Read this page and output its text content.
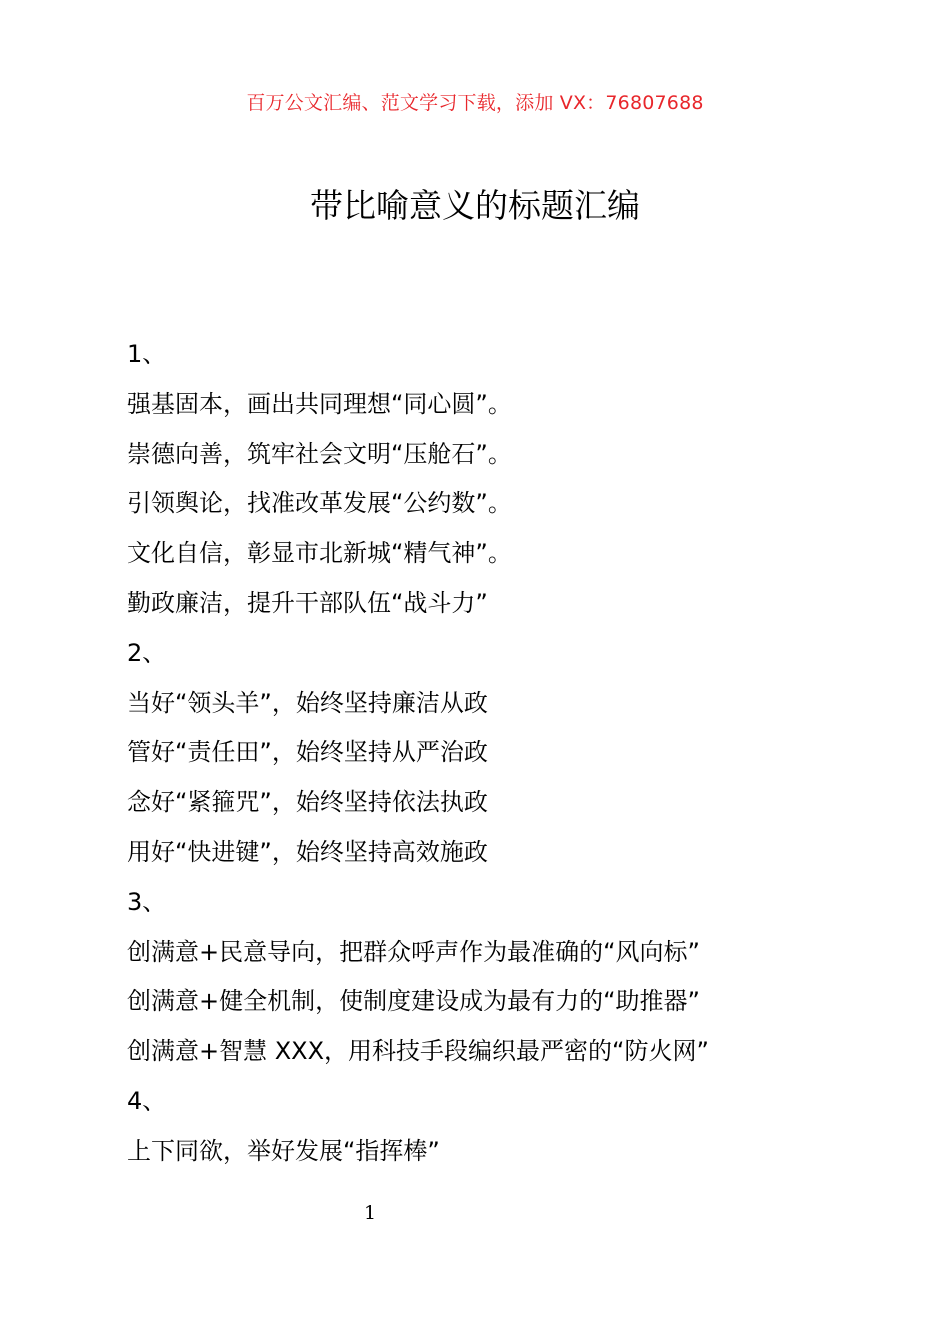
百万公文汇编、范文学习下载，添加 VX：76807688
带比喻意义的标题汇编
1、
强基固本，画出共同理想“同心圆”。
崇德向善，筑牢社会文明“压舱石”。
引领舆论，找准改革发展“公约数”。
文化自信，彰显市北新城“精气神”。
勤政廉洁，提升干部队伍“战斗力”
2、
当好“领头羊”，始终坚持廉洁从政
管好“责任田”，始终坚持从严治政
念好“紧箍咒”，始终坚持依法执政
用好“快进键”，始终坚持高效施政
3、
创满意+民意导向，把群众呼声作为最准确的“风向标”
创满意+健全机制，使制度建设成为最有力的“助推器”
创满意+智慧 XXX，用科技手段编织最严密的“防火网”
4、
上下同欲，举好发展“指挥棒”
1
